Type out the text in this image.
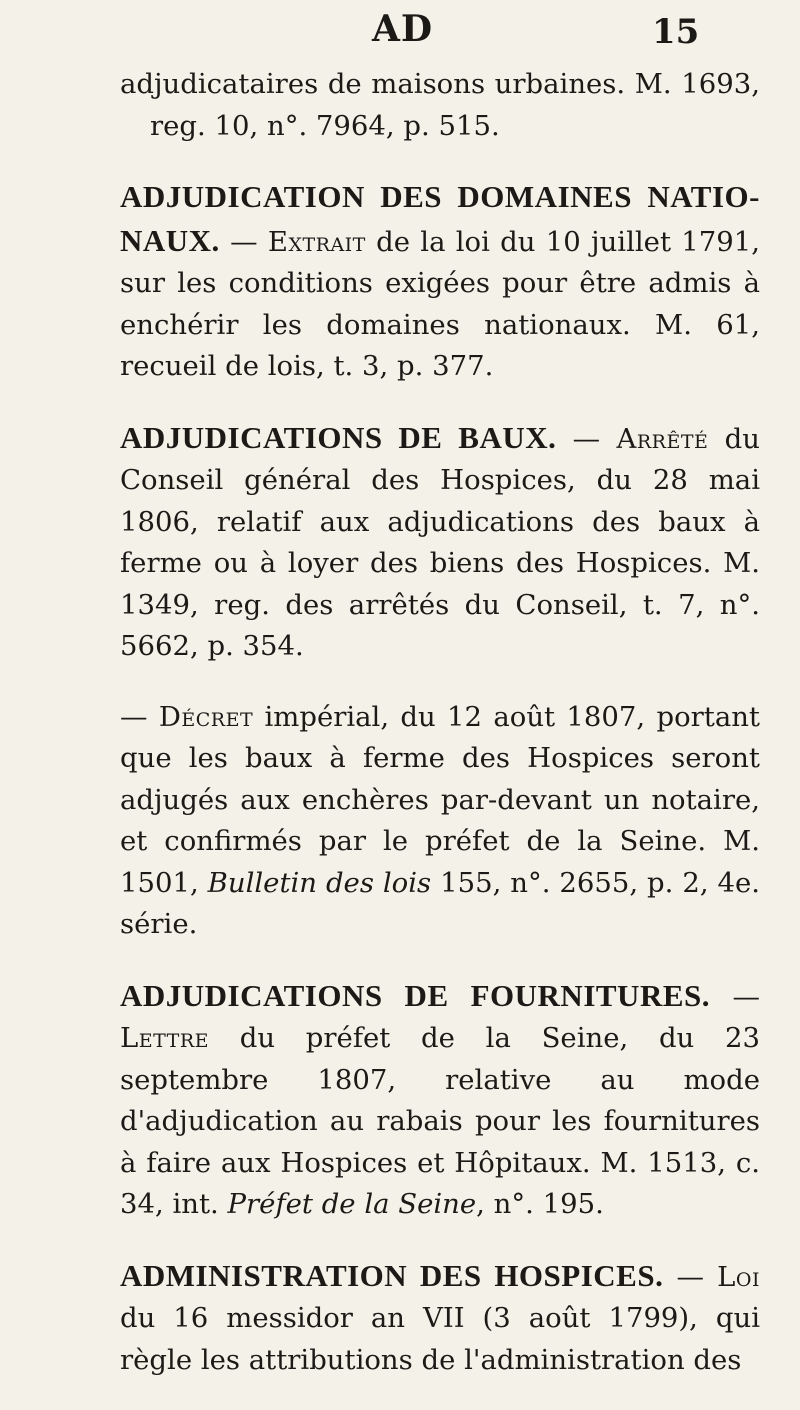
AD	15

adjudicataires de maisons urbaines. M. 1693, reg. 10, n°. 7964, p. 515.

ADJUDICATION DES DOMAINES NATIO-NAUX. — Extrait de la loi du 10 juillet 1791, sur les conditions exigées pour être admis à enchérir les domaines nationaux. M. 61, recueil de lois, t. 3, p. 377.

ADJUDICATIONS DE BAUX. — Arrêté du Conseil général des Hospices, du 28 mai 1806, relatif aux adjudications des baux à ferme ou à loyer des biens des Hospices. M. 1349, reg. des arrêtés du Conseil, t. 7, n°. 5662, p. 354.

— Décret impérial, du 12 août 1807, portant que les baux à ferme des Hospices seront adjugés aux enchères par-devant un notaire, et confirmés par le préfet de la Seine. M. 1501, Bulletin des lois 155, n°. 2655, p. 2, 4e. série.

ADJUDICATIONS DE FOURNITURES. — Lettre du préfet de la Seine, du 23 septembre 1807, relative au mode d'adjudication au rabais pour les fournitures à faire aux Hospices et Hôpitaux. M. 1513, c. 34, int. Préfet de la Seine, n°. 195.

ADMINISTRATION DES HOSPICES. — Loi du 16 messidor an VII (3 août 1799), qui règle les attributions de l'administration des
